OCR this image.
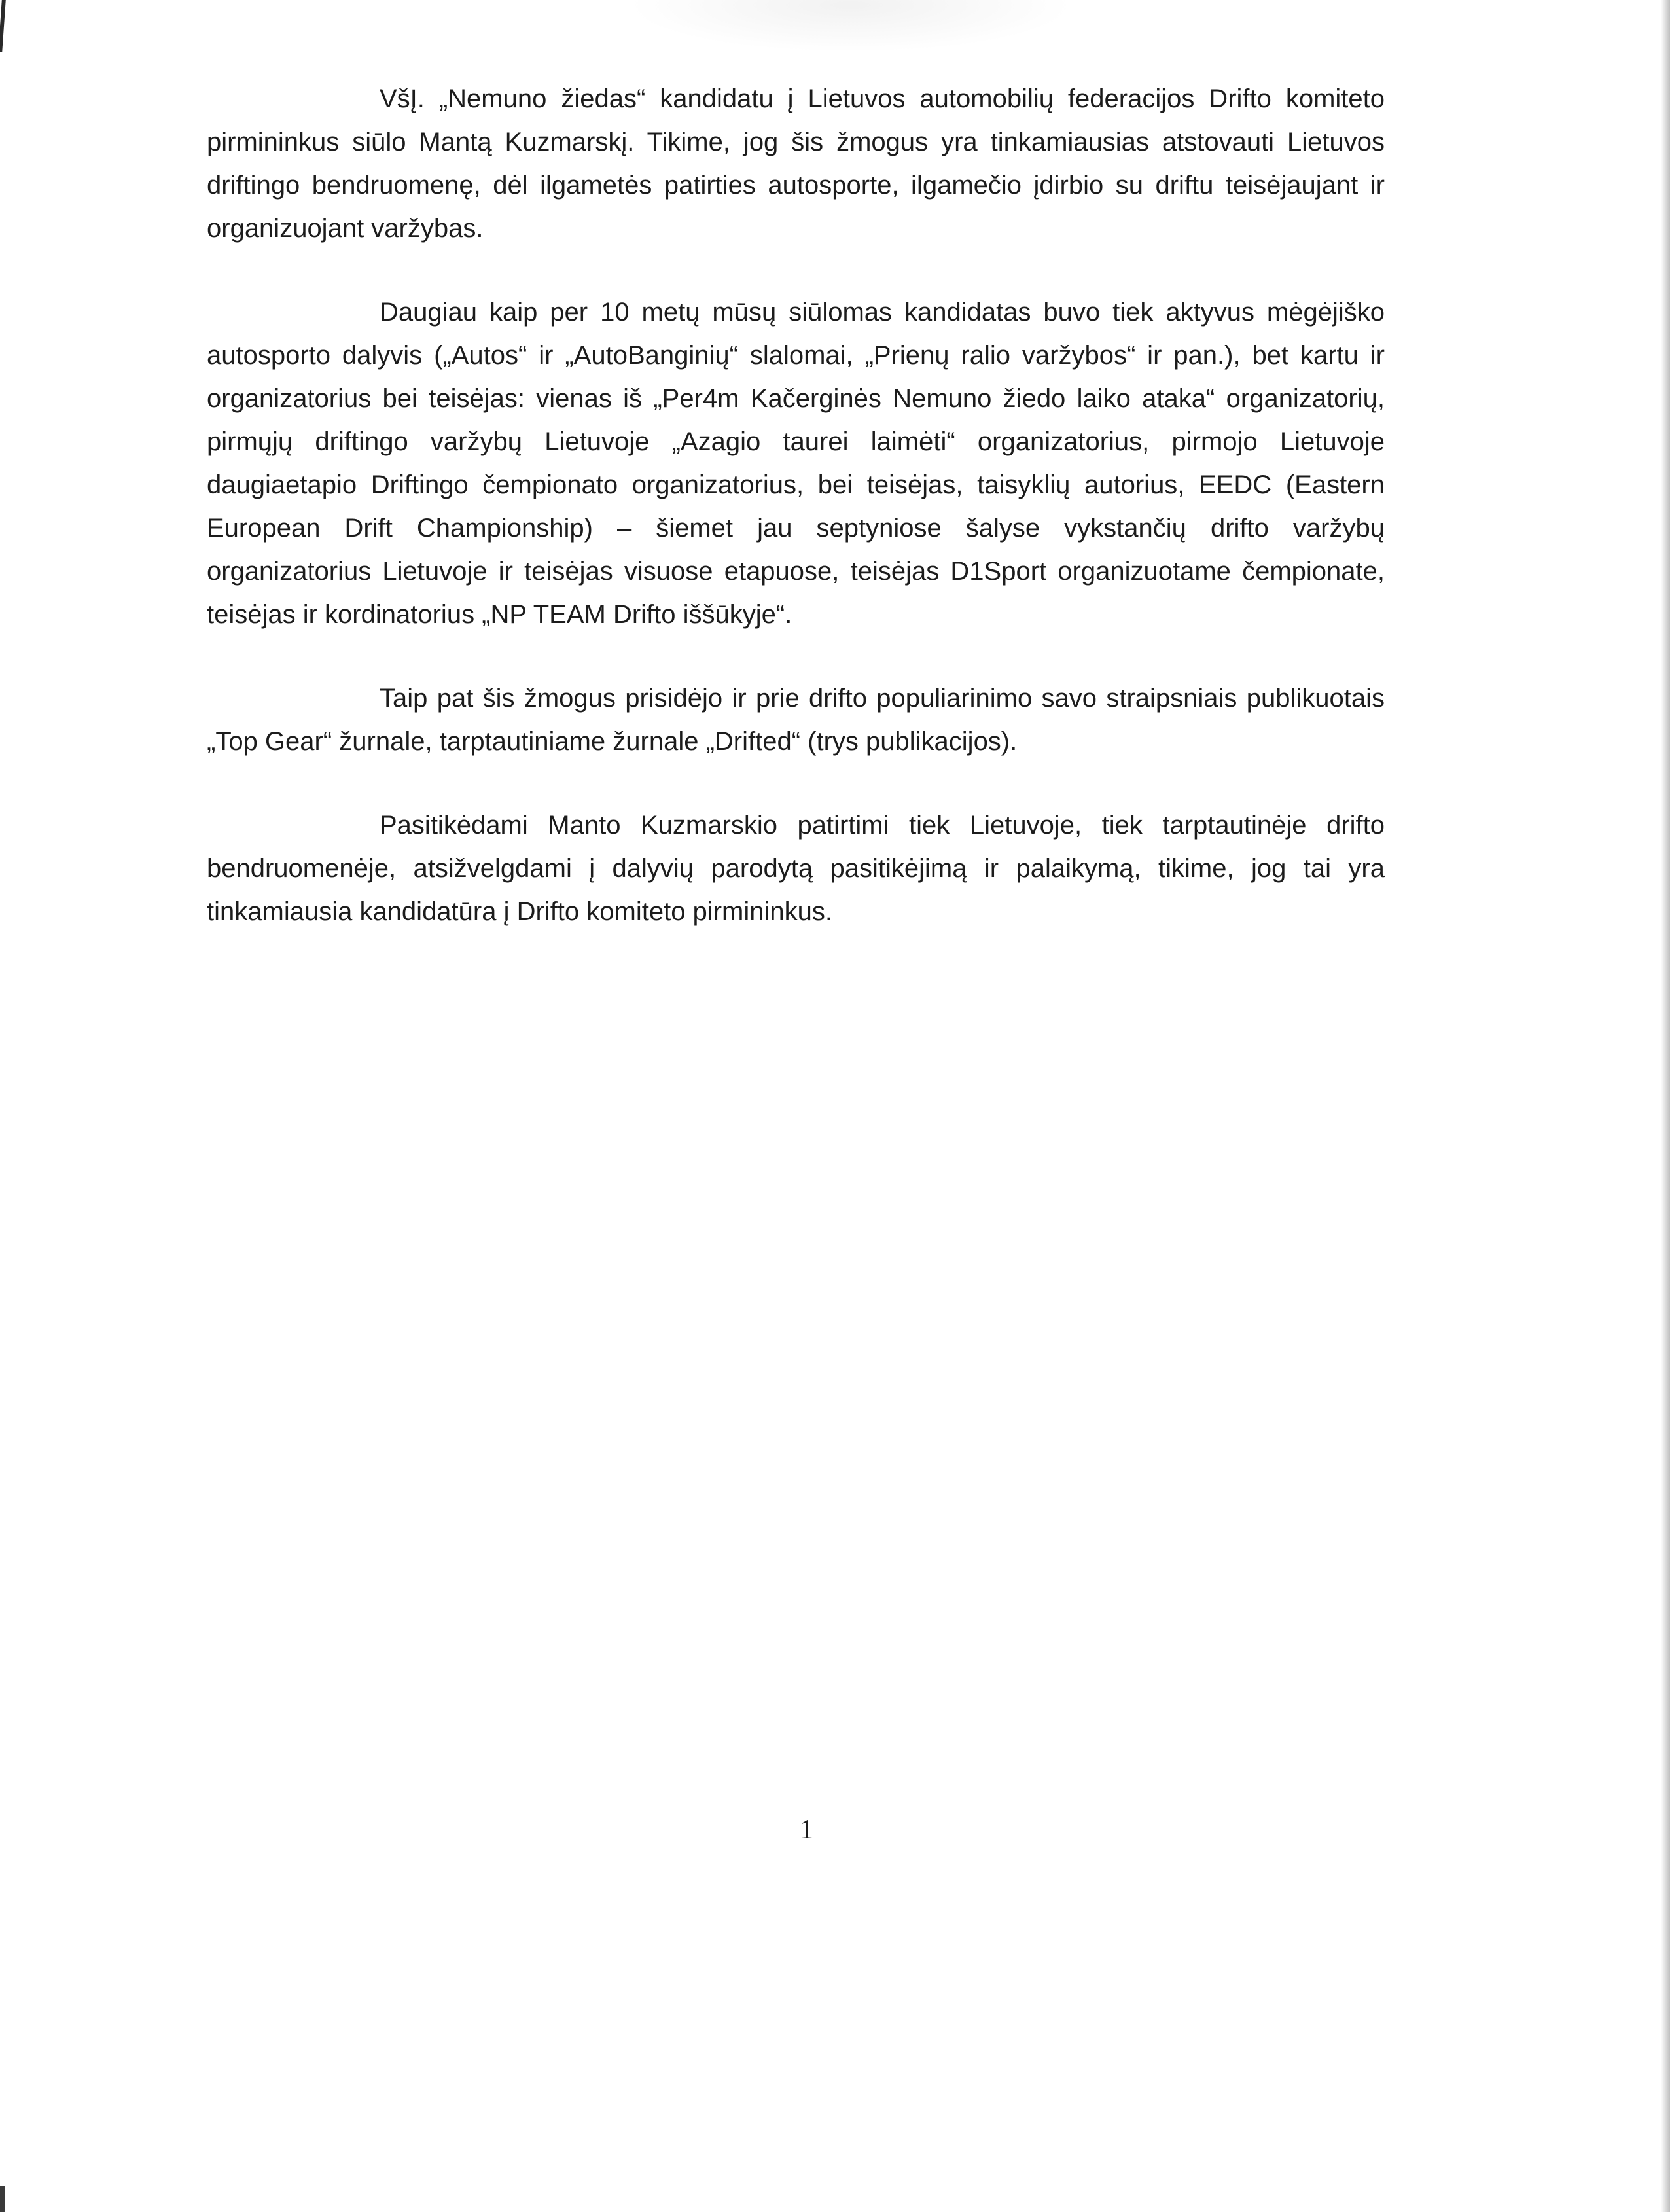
VšĮ. „Nemuno žiedas“ kandidatu į Lietuvos automobilių federacijos Drifto komiteto pirmininkus siūlo Mantą Kuzmarskį. Tikime, jog šis žmogus yra tinkamiausias atstovauti Lietuvos driftingo bendruomenę, dėl ilgametės patirties autosporte, ilgamečio įdirbio su driftu teisėjaujant ir organizuojant varžybas.

Daugiau kaip per 10 metų mūsų siūlomas kandidatas buvo tiek aktyvus mėgėjiško autosporto dalyvis („Autos“ ir „AutoBanginių“ slalomai, „Prienų ralio varžybos“ ir pan.), bet kartu ir organizatorius bei teisėjas: vienas iš „Per4m Kačerginės Nemuno žiedo laiko ataka“ organizatorių, pirmųjų driftingo varžybų Lietuvoje „Azagio taurei laimėti“ organizatorius, pirmojo Lietuvoje daugiaetapio Driftingo čempionato organizatorius, bei teisėjas, taisyklių autorius, EEDC (Eastern European Drift Championship) – šiemet jau septyniose šalyse vykstančių drifto varžybų organizatorius Lietuvoje ir teisėjas visuose etapuose, teisėjas D1Sport organizuotame čempionate, teisėjas ir kordinatorius „NP TEAM Drifto iššūkyje“.

Taip pat šis žmogus prisidėjo ir prie drifto populiarinimo savo straipsniais publikuotais „Top Gear“ žurnale, tarptautiniame žurnale „Drifted“ (trys publikacijos).

Pasitikėdami Manto Kuzmarskio patirtimi tiek Lietuvoje, tiek tarptautinėje drifto bendruomenėje, atsižvelgdami į dalyvių parodytą pasitikėjimą ir palaikymą, tikime, jog tai yra tinkamiausia kandidatūra į Drifto komiteto pirmininkus.

1
